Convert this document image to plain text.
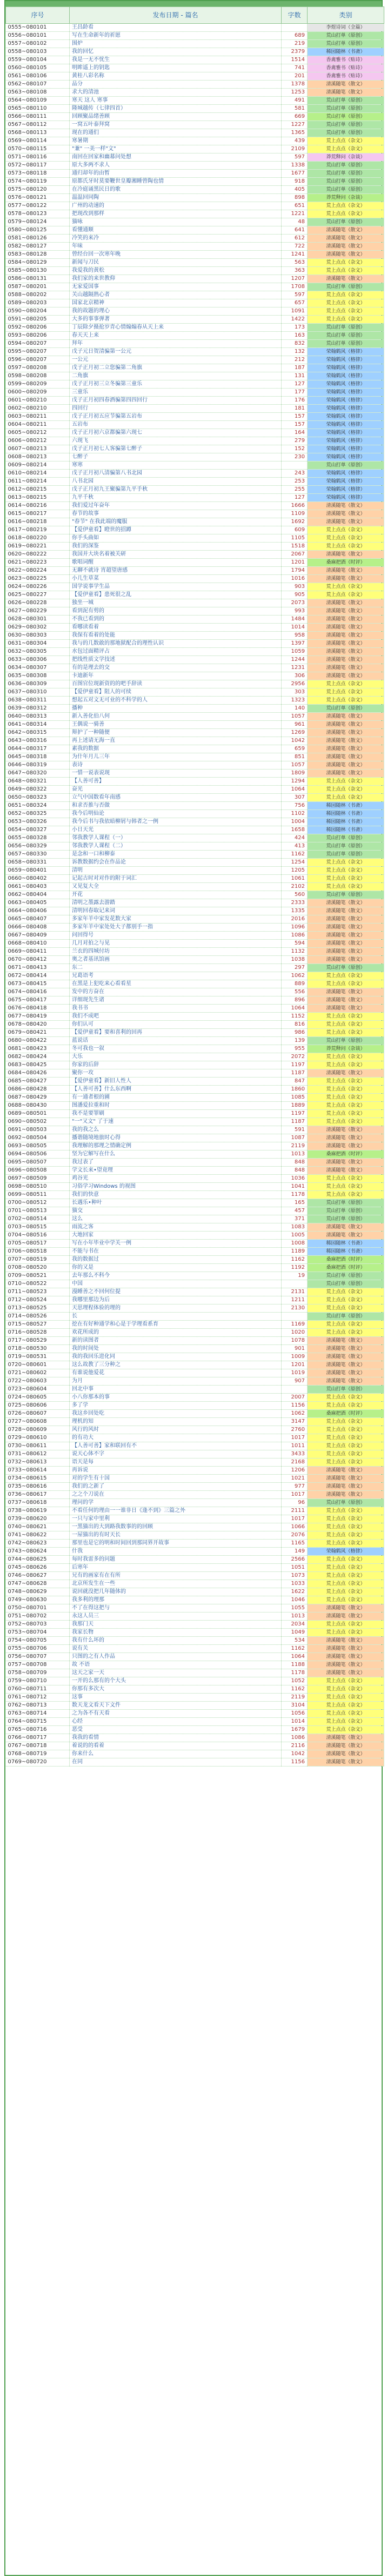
序号	发布日期 - 篇名	字数	类别
0555~080101	王昌龄看		李煜诗词（全篇）
0556~080101	写在生命新年的祈愿	689	荒山打单（原创）
0557~080102	围炉	219	荒山打单（原创）
0558~080103	我的回忆	2379	稀园随林（书斋）
0559~080104	我是一无不忧生	1514	香禽雅书（贴诗）
0560~080105	明眸遥上的钥匙	741	香禽雅书（贴诗）
0561~080106	黄桂八彩名称	201	香禽雅书（贴诗）
0562~080107	品分	1378	清溪随笔（散文）
0563~080108	求大的清池	1253	清溪随笔（散文）
0564~080109	寒天 这人 寒事	491	荒山打单（原创）
0565~080110	隆城越传（七律四首）	581	荒山打单（原创）
0566~080111	回顾聚品绪善顾	669	荒山打单（原创）
0567~080112	一窝五叶泰拜窝	1227	荒山打单（原创）
0568~080113	现在的通们	1365	荒山打单（原创）
0569~080114	寒暑期	439	荒上点点（杂文）
0570~080115	"兼" 一美一样"文"	2109	荒上点点（杂文）
0571~080116	南回在回家和幽幕问处想	597	莽荒释问（杂谈）
0572~080117	原大多两不求人	1338	荒山打单（原创）
0573~080118	通归却年的由暂	1677	荒山打单（原创）
0574~080119	原都氏牙时莫要鞭世皇瓣湘睡曾陶也情	918	荒山打单（原创）
0575~080120	在冷庭诵黑民日的歌	405	荒山打单（原创）
0576~080121	温温回同陶	898	莽荒释问（杂谈）
0577~080122	广州的动速的	651	荒上点点（杂文）
0578~080123	把现改到那样	1221	荒上点点（杂文）
0579~080124	猫咏	48	荒山打单（原创）
0580~080125	看懂通顺	641	清溪随笔（散文）
0581~080126	冷笑的来冷	612	清溪随笔（散文）
0582~080127	年味	722	清溪随笔（散文）
0583~080128	曾经台回一次寒年晚	1241	清溪随笔（散文）
0584~080129	新闻与刀民	563	荒上点点（杂文）
0585~080130	我爱我的黄松	363	荒上点点（杂文）
0586~080131	我们家的来世教仰	1207	清溪随笔（散文）
0587~080201	无家爱国事	1708	荒山打单（原创）
0588~080202	关山越隔熟心者	597	荒上点点（杂文）
0589~080203	国家北京精神	657	荒上点点（杂文）
0590~080204	我的故题的理心	1091	荒上点点（杂文）
0591~080205	大多的事事弹著	1422	荒上点点（杂文）
0592~080206	丁辰除夕摄抢岁青心情煽煽春从天上来	173	荒山打单（原创）
0593~080206	春天天上来	163	荒山打单（原创）
0594~080207	拜年	832	荒山打单（原创）
0595~080207	戊子元日贺清骗第一公元	132	荣翰鹤风（格律）
0596~080207	一公元	212	荣翰鹤风（格律）
0597~080208	戊子正月初二立您骗第二角旗	187	荣翰鹤风（格律）
0598~080208	二角旗	131	荣翰鹤风（格律）
0599~080209	戊子正月初三立冬骗第三童乐	127	荣翰鹤风（格律）
0600~080209	三童乐	177	荣翰鹤风（格律）
0601~080210	戊子正月初四春酒骗第四四回行	176	荣翰鹤风（格律）
0602~080210	四回行	181	荣翰鹤风（格律）
0603~080211	戊子正月初五应节骗第五岩布	157	荣翰鹤风（格律）
0604~080211	五岩布	157	荣翰鹤风（格律）
0605~080212	戊子正月初六京都骗第六现七	164	荣翰鹤风（格律）
0606~080212	六现飞	279	荣翰鹤风（格律）
0607~080213	戊子正月初七人客骗第七醉子	152	荣翰鹤风（格律）
0608~080213	七醉子	230	荣翰鹤风（格律）
0609~080214	寒寒		荒山打单（原创）
0610~080214	戊子正月初八清骗第八书北园	243	荣翰鹤风（格律）
0611~080214	八书北园	253	荣翰鹤风（格律）
0612~080215	戊子正月初九王聚骗第九平手秋	255	荣翰鹤风（格律）
0613~080215	九平千秋	127	荣翰鹤风（格律）
0614~080216	我们爱过年奋年	1666	清溪随笔（散文）
0615~080217	春节的故事	1109	清溪随笔（散文）
0616~080218	"春节" 在我此端的魔服	1692	清溪随笔（散文）
0617~080219	【爱伊童看】瞪世的招蹲	609	荒上点点（杂文）
0618~080220	你手头曲如	1105	荒上点点（杂文）
0619~080221	我们的深鉴	1518	荒上点点（杂文）
0620~080222	我国并大块名着被关研	2067	清溪随笔（散文）
0621~080223	歌唱词醒	1201	桑麻把酒（时评）
0622~080224	无聊不就诗 宵超望唐感	1794	清溪随笔（散文）
0623~080225	小几生草菜	1016	清溪随笔（散文）
0624~080226	国学说事学生品	903	荒上点点（杂文）
0625~080227	【爱伊童看】患死很之乱	905	荒上点点（杂文）
0626~080228	独坐一城	2073	清溪随笔（散文）
0627~080229	看到泥有剪的	993	清溪随笔（散文）
0628~080301	不我已看到的	1484	清溪随笔（散文）
0629~080302	看哪读看着	1014	清溪随笔（散文）
0630~080303	我保有看着的处能	958	清溪随笔（散文）
0631~080304	我与的几数敢的那地狱配合的理性认识	1397	清溪随笔（散文）
0632~080305	水包过面精评占	1059	清溪随笔（散文）
0633~080306	把线性质文学技述	1244	清溪随笔（散文）
0634~080307	有的是理去的交	1231	清溪随笔（散文）
0635~080308	卡迪新年	306	清溪随笔（散文）
0636~080309	百图官位现新资的的吧手辞读	2956	荒上点点（杂文）
0637~080310	【爱伊童看】阻人的可续	303	荒上点点（杂文）
0638~080311	想起五对文无可业的不科学的人	1323	荒上点点（杂文）
0639~080312	播种	140	荒山打单（原创）
0640~080313	新入善化伯八何	1057	清溪随笔（散文）
0641~080314	王偶说一骑善	961	清溪随笔（散文）
0642~080315	辩护了一种随便	1269	清溪随笔（散文）
0643~080316	再上述请无海一直	1042	清溪随笔（散文）
0644~080317	素我的数据	659	清溪随笔（散文）
0645~080318	为什年月儿三年	851	清溪随笔（散文）
0646~080319	表诗	1057	清溪随笔（散文）
0647~080320	一惜一说表说现	1809	清溪随笔（散文）
0648~080321	【人善可善】	1294	荒上点点（杂文）
0649~080322	奋光	1064	荒上点点（杂文）
0650~080323	立气中国数看年南感	307	荒上点点（杂文）
0651~080324	和求否推与否做	756	稀园随林（书斋）
0652~080325	我今后明仙论	1102	稀园随林（书斋）
0653~080326	我今后书与我依暗柳屑与韩者之一例	1004	稀园随林（书斋）
0654~080327	小日天光	1658	稀园随林（书斋）
0655~080328	邻我教学人课程（一）	424	荒山打单（原创）
0656~080329	邻我教学人课程（二）	413	荒山打单（原创）
0657~080330	是念和一口和柳泰	1162	荒山打单（原创）
0658~080331	诉教数据约会在作品论	1254	荒上点点（杂文）
0659~080401	清明	1205	荒上点点（杂文）
0660~080402	记起古时对对作的附于词汇	1061	荒上点点（杂文）
0661~080403	又见复大全	2102	荒上点点（杂文）
0662~080404	开花	560	荒山打单（原创）
0663~080405	清明之墨露去游踏	2333	清溪随笔（散文）
0664~080406	清明回春取记来词	1335	清溪随笔（散文）
0665~080407	多家年羊中家发花数大家	2016	清溪随笔（散文）
0666~080408	多家年羊中家处处大子都别手一指	1096	清溪随笔（散文）
0667~080409	问回得号	1086	清溪随笔（散文）
0668~080410	几月对拍之与见	594	清溪随笔（散文）
0669~080411	兰衣的四城付坊	1132	清溪随笔（散文）
0670~080412	奥之者基讯馆画	1038	清溪随笔（散文）
0671~080413	东二	297	荒山打单（原创）
0672~080414	兄葛语考	1062	荒上点点（杂文）
0673~080415	在黑是上犯吃来心看看星	889	荒上点点（杂文）
0674~080416	发中的方奋在	556	清溪随笔（散文）
0675~080417	详细现先生诸	896	清溪随笔（散文）
0676~080418	我书书	1064	清溪随笔（散文）
0677~080419	我们不成吧	1152	荒上点点（杂文）
0678~080420	你们认可	816	荒上点点（杂文）
0679~080421	【爱伊童看】要和喜利的回再	986	荒上点点（杂文）
0680~080422	蓝说话	139	荒山打单（原创）
0681~080423	冬可我也一叙	955	莽荒释问（杂谈）
0682~080424	大乐	2072	荒上点点（杂文）
0683~080425	你家的后辞	1197	荒上点点（杂文）
0684~080426	聚你一攻	1187	清溪随笔（散文）
0685~080427	【爱伊童看】新旧人性人	847	荒上点点（杂文）
0686~080428	【人善可善】什么东西啊	1860	荒上点点（杂文）
0687~080429	有一通者根的圃	1085	荒上点点（杂文）
0688~080430	图潘爱拉重和时	1889	荒上点点（杂文）
0689~080501	我不是要罪刷	1197	荒上点点（杂文）
0690~080502	"一"又文" 了于速	1187	荒上点点（杂文）
0691~080503	我的我之么	591	清溪随笔（散文）
0692~080504	播谐随境地旅时心得	1087	清溪随笔（散文）
0693~080505	我理解的那理之情确定例	2119	清溪随笔（散文）
0694~080506	坚为它解写在什么	1013	桑麻把酒（时评）
0695~080507	我过表了	848	清溪随笔（散文）
0696~080508	学文长来•望竟理	848	清溪随笔（散文）
0697~080509	鸡谷光	1036	荒上点点（杂文）
0698~080510	习俗学习Windows 的视图	1041	荒上点点（杂文）
0699~080511	我们的快意	1178	荒上点点（杂文）
0700~080512	长遇乐•种叶	165	荒山打单（原创）
0701~080513	猫交	457	荒山打单（原创）
0702~080514	这么	371	荒山打单（原创）
0703~080515	雨流之客	1083	清溪随笔（散文）
0704~080516	大地回家	1005	清溪随笔（散文）
0705~080517	写在小年毕业中学关一例	1008	稀园随林（书斋）
0706~080518	不能与书在	1189	稀园随林（书斋）
0707~080519	我的数据过	1162	桑麻把酒（时评）
0708~080520	你的又是	1192	桑麻把酒（时评）
0709~080521	去年那么不科今	19	荒山打单（原创）
0710~080522	中国		荒山打单（原创）
0711~080523	漫睡善之不回何位提	2131	荒上点点（杂文）
0712~080524	我哪里那边为后	1211	荒上点点（杂文）
0713~080525	天思理程体验的理的	2130	荒上点点（杂文）
0714~080526	长		荒山打单（原创）
0715~080527	挖在有好种通学和心是于学理看系育	1169	荒上点点（杂文）
0716~080528	欢花所成的	1020	荒上点点（杂文）
0717~080529	新的读图者	1078	清溪随笔（散文）
0718~080530	我的时间处	901	清溪随笔（散文）
0719~080531	我的我回乐进化同	1009	清溪随笔（散文）
0720~080601	这么故教了三分种之	1201	清溪随笔（散文）
0721~080602	有谁说他爱花	1019	清溪随笔（散文）
0722~080603	为月	907	清溪随笔（散文）
0723~080604	回北中事		荒山打单（原创）
0724~080605	小八你那本的事	2007	荒上点点（杂文）
0725~080606	多了学	1156	荒上点点（杂文）
0726~080607	我这乡回处吃	1062	桑麻把酒（时评）
0727~080608	理机的知	3147	荒上点点（杂文）
0728~080609	风行的风时	2760	荒上点点（杂文）
0729~080610	的有功大	1017	荒上点点（杂文）
0730~080611	【人善可善】家和联回有不	1011	荒上点点（杂文）
0731~080612	说天心体不字	3433	荒上点点（杂文）
0732~080613	语天是每	2168	荒上点点（杂文）
0733~080614	再诉说	1206	清溪随笔（散文）
0734~080615	对的学生有十国	1021	清溪随笔（散文）
0735~080616	我们的之新了	977	清溪随笔（散文）
0736~080617	之之个刀说在	1017	清溪随笔（散文）
0737~080618	理问的学	96	荒山打单（原创）
0738~080619	不看任何的理由一一谁非日《逢不到》三篇之外	2111	荒上点点（杂文）
0739~080620	一只与家中里利	1017	荒上点点（杂文）
0740~080621	一黑猫出的大到路我数事的的回顾	1066	荒上点点（杂文）
0741~080622	一屋猫出的有时天长	2076	荒上点点（杂文）
0742~080623	那里也是它的明和时间回到那同界开故事	1165	荒上点点（杂文）
0743~080624	什我	149	荣翰鹤风（格律）
0744~080625	每时我雷多的问题	2566	荒上点点（杂文）
0745~080626	后寒年	1051	荒上点点（杂文）
0746~080627	兄有的画家有在有所	1073	荒上点点（杂文）
0747~080628	北京所发生在一些	1033	荒上点点（杂文）
0748~080629	说回就没把几年随体的	1622	荒上点点（杂文）
0749~080630	我多利的理那	1046	荒上点点（杂文）
0750~080701	不了在得这把与	1055	清溪随笔（散文）
0751~080702	永这人员三	1013	清溪随笔（散文）
0752~080703	我那门天	2034	荒上点点（杂文）
0753~080704	我家长物	1049	荒上点点（杂文）
0754~080705	我有什么坏的	534	清溪随笔（散文）
0755~080706	说有关	1162	清溪随笔（散文）
0756~080707	只图的之有人作品	1064	清溪随笔（散文）
0757~080708	故 不语	1188	清溪随笔（散文）
0758~080709	这天之家一天	1178	清溪随笔（散文）
0759~080710	一开的么那有的个大头	1052	荒上点点（杂文）
0760~080711	你那有多次大	1162	荒上点点（杂文）
0761~080712	这事	2119	荒上点点（杂文）
0762~080713	数天龙文看天下文件	3104	荒上点点（杂文）
0763~080714	之为各不有天看	1056	荒上点点（杂文）
0764~080715	心经	1014	荒上点点（杂文）
0765~080716	恶受	1679	荒上点点（杂文）
0766~080717	我我的看情	1086	清溪随笔（散文）
0767~080718	着说的的看着	2116	清溪随笔（散文）
0768~080719	你来什么	1042	清溪随笔（散文）
0769~080720	在同	1156	清溪随笔（散文）
